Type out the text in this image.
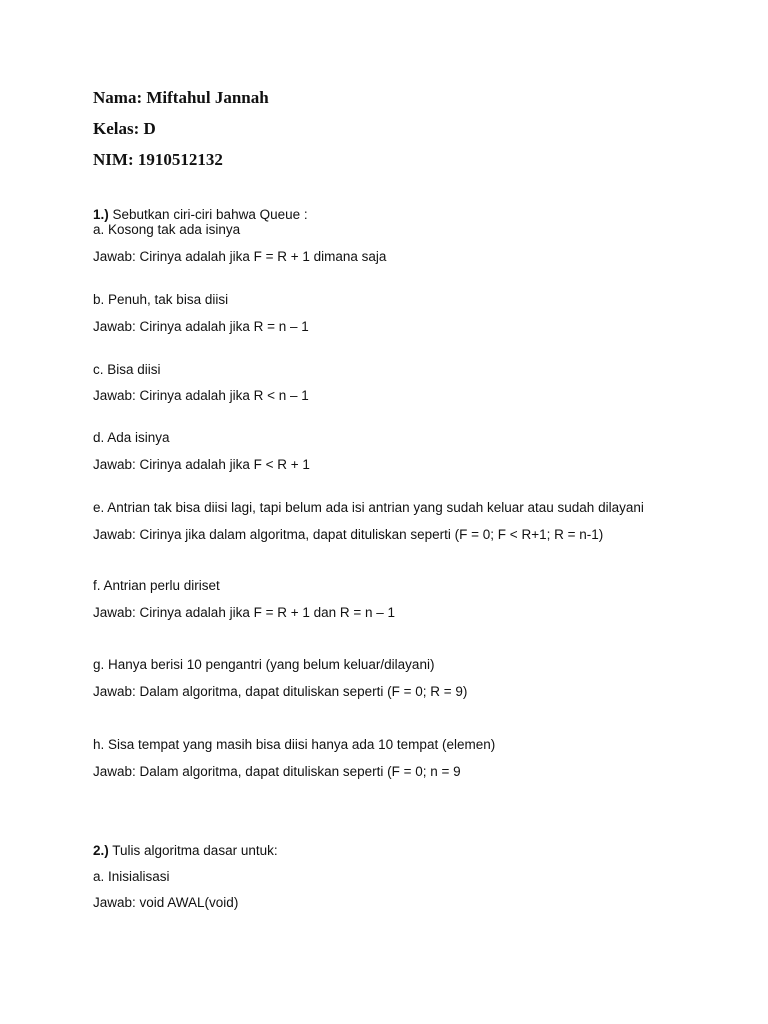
Nama: Miftahul Jannah
Kelas: D
NIM: 1910512132
1.) Sebutkan ciri-ciri bahwa Queue :
a. Kosong tak ada isinya
Jawab: Cirinya adalah jika F = R + 1 dimana saja
b. Penuh, tak bisa diisi
Jawab: Cirinya adalah jika R = n – 1
c. Bisa diisi
Jawab: Cirinya adalah jika R < n – 1
d. Ada isinya
Jawab: Cirinya adalah jika F < R + 1
e. Antrian tak bisa diisi lagi, tapi belum ada isi antrian yang sudah keluar atau sudah dilayani
Jawab: Cirinya jika dalam algoritma, dapat dituliskan seperti (F = 0; F < R+1; R = n-1)
f. Antrian perlu diriset
Jawab: Cirinya adalah jika F = R + 1 dan R = n – 1
g. Hanya berisi 10 pengantri (yang belum keluar/dilayani)
Jawab: Dalam algoritma, dapat dituliskan seperti (F = 0; R = 9)
h. Sisa tempat yang masih bisa diisi hanya ada 10 tempat (elemen)
Jawab: Dalam algoritma, dapat dituliskan seperti (F = 0; n = 9
2.) Tulis algoritma dasar untuk:
a. Inisialisasi
Jawab: void AWAL(void)
